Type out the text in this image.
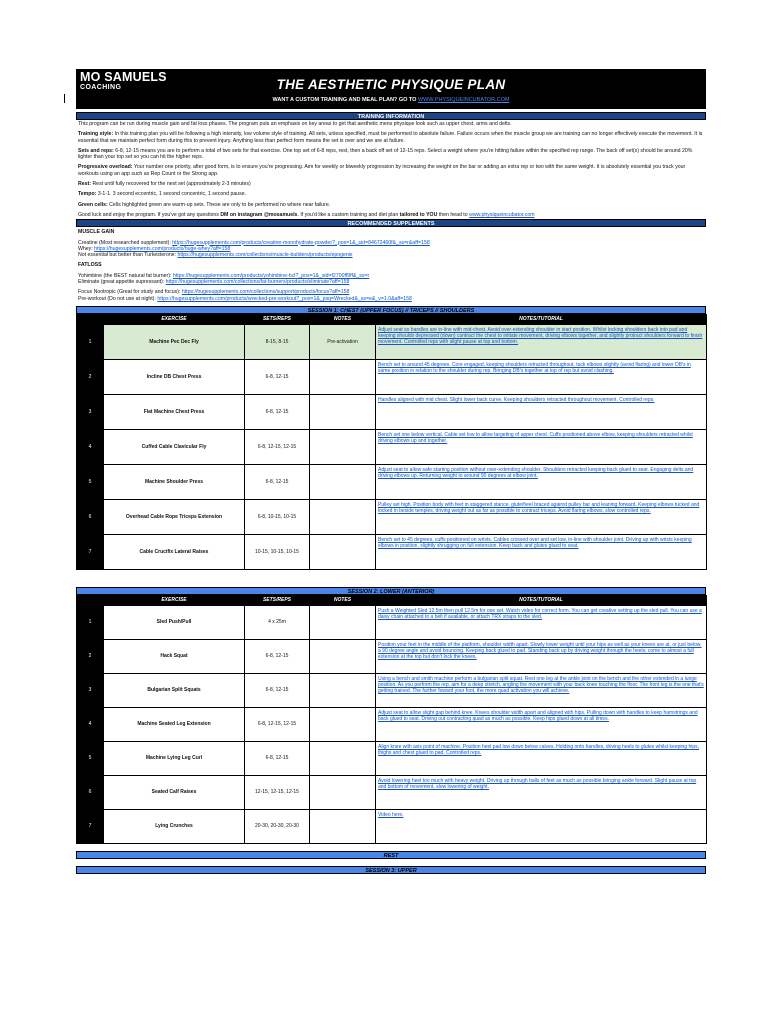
MO SAMUELS
COACHING	THE AESTHETIC PHYSIQUE PLAN
WANT A CUSTOM TRAINING AND MEAL PLAN? GO TO WWW.PHYSIQUEINCUBATOR.COM
TRAINING INFORMATION
This program can be run during muscle gain and fat loss phases. The program puts an emphasis on key areas to get that aesthetic mens physique look such as upper chest, arms and delts.
Training style: In this training plan you will be following a high intensity, low volume style of training. All sets, unless specified, must be performed to absolute failure. Failure occurs when the muscle group we are training can no longer effectively execute the movement. It is essential that we maintain perfect form during this to prevent injury. Anything less than perfect form means the set is over and we are at failure.
Sets and reps: 6-8, 12-15 means you are to perform a total of two sets for that exercise. One top set of 6-8 reps, rest, then a back off set of 12-15 reps. Select a weight where you're hitting failure within the specified rep range. The back off set(s) should be around 20% lighter than your top set so you can hit the higher reps.
Progressive overload: Your number one priority, after good form, is to ensure you're progressing. Aim for weekly or biweekly progression by increasing the weight on the bar or adding an extra rep or two with the same weight. It is absolutely essential you track your workouts using an app such as Rep Count or the Strong app.
Rest: Rest until fully recovered for the next set (approximately 2-3 minutes)
Tempo: 3-1-1. 3 second eccentric, 1 second concentric, 1 second pause.
Green cells: Cells highlighted green are warm-up sets. These are only to be performed no where near failure.
Good luck and enjoy the program. If you've got any questions DM on instagram @mosamuels. If you'd like a custom training and diet plan tailored to YOU then head to www.physiqueincubator.com
RECOMMENDED SUPPLEMENTS
MUSCLE GAIN
Creatine (Most researched supplement): https://hugesupplements.com/products/creatine-monohydrate-powder?_pos=1&_sid=84672460f&_ss=r&aff=158
Whey: https://hugesupplements.com/products/huge-whey?aff=158
Not essential but better than Turkesterone: https://hugesupplements.com/collections/muscle-builders/products/epogenix
FATLOSS
Yohimbine (the BEST natural fat burner): https://hugesupplements.com/products/yohimbine-hcl?_pos=1&_sid=f2700ff9ff&_ss=r
Eliminate (great appetite supressant): https://hugesupplements.com/collections/fat-burners/products/eliminate?aff=158
Focus Nootropic (Great for study and focus): https://hugesupplements.com/collections/support/products/focus?aff=158
Pre-workout (Do not use at night): https://hugesupplements.com/products/wrecked-pre-workout?_pos=1&_psq=Wrecked&_ss=e&_v=1.0&aff=158
SESSION 1: CHEST (UPPER FOCUS) // TRICEPS // SHOULDERS
	EXERCISE	SETS/REPS	NOTES	NOTES/TUTORIAL
1	Machine Pec Dec Fly	8-15, 8-15	Pre-activation	Adjust seat so handles are in-line with mid-chest. Avoid over-extending shoulder in start position. Whilst locking shoulders back into pad and keeping shoulds depressed (down) contract the chest to initiate movement, driving elbows together, and slightly protract shoulders forward to finish movement. Controlled reps with slight pause at top and bottom.
2	Incline DB Chest Press	6-8, 12-15		Bench set to around 45 degrees. Core engaged, keeping shoulders retracted throughout, tuck elbows slightly (avoid flaring) and lower DB's in same position in relation to the shoulder during rep. Bringing DB's together at top of rep but avoid clashing.
3	Flat Machine Chest Press	6-8, 12-15		Handles aligned with mid chest. Slight lower back curve. Keeping shoulders retracted throughout movement. Controlled reps.
4	Cuffed Cable Clavicular Fly	6-8, 12-15, 12-15		Bench set one below vertical. Cable set low to allow targeting of upper chest. Cuffs positioned above elbow, keeping shoulders retracted whilst driving elbows up and together.
5	Machine Shoulder Press	6-8, 12-15		Adjust seat to allow safe starting position without over-extending shoulder. Shoulders retracted keeping back glued to seat. Engaging delts and driving elbows up. Returning weight to around 90 degrees at elbow joint.
6	Overhead Cable Rope Triceps Extension	6-8, 10-15, 10-15		Pulley set high. Position body with feet in staggered stance, glute/heel braced against pulley bar and leaning forward. Keeping elbows tucked and locked in beside temples, driving weight out as far as possible to contract triceps. Avoid flaring elbows, slow controlled reps.
7	Cable Crucifix Lateral Raises	10-15, 10-15, 10-15		Bench set to 45 degrees, cuffs positioned on wrists. Cables crossed over and set low, in-line with shoulder joint. Driving up with wrists keeping elbows in position, slightly shrugging on full extension. Keep back and glutes glued to seat.
SESSION 2: LOWER (ANTERIOR)
	EXERCISE	SETS/REPS	NOTES	NOTES/TUTORIAL
1	Sled Push/Pull	4 x 25m		Push a Weighted Sled 12.5m then pull 12.5m for one set. Watch video for correct form. You can get creative setting up the sled pull. You can use a daisy chain attached to a belt if available, or attach TRX straps to the sled.
2	Hack Squat	6-8, 12-15		Position your feet in the middle of the platform, shoulder width apart. Slowly lower weight until your hips as well as your knees are at, or just below, a 90 degree angle and avoid bouncing. Keeping back glued to pad. Standing back up by driving weight through the heels; come to almost a full extension at the top but don't lock the knees.
3	Bulgarian Split Squats	6-8, 12-15		Using a bench and smith machine perform a bulgarian split squat. Rest one leg at the ankle joint on the bench and the other extended in a lunge position. As you perform the rep, aim for a deep stretch, angling the movement with your back knee touching the floor. The front leg is the one that's getting trained. The further foward your foot, the more quad activation you will achieve.
4	Machine Seated Leg Extension	6-8, 12-15, 12-15		Adjust seat to allow slight gap behind knee. Knees shoulder width apart and aligned with hips. Pulling down with handles to keep hamstrings and back glued to seat. Driving out contracting quad as much as possible. Keep hips glued down at all times.
5	Machine Lying Leg Curl	6-8, 12-15		Align knee with axis point of machine. Position heel pad low down below calves. Holding onto handles, driving heels to glutes whilst keeping hips, thighs and chest glued to pad. Controlled reps.
6	Seated Calf Raises	12-15, 12-15, 12-15		Avoid lowering heel too much with heavy weight. Driving up through balls of feet as much as possible bringing ankle forward. Slight pause at top and bottom of movement, slow lowering of weight.
7	Lying Crunches	20-30, 20-30, 20-30		Video here.
REST
SESSION 3: UPPER
